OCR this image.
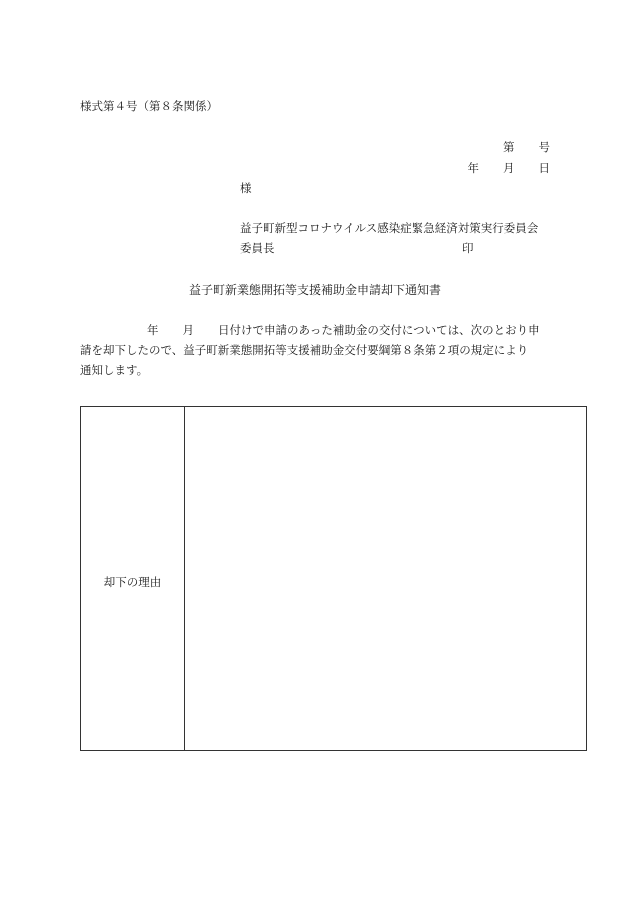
様式第４号（第８条関係）
第 号
年 月 日
様
益子町新型コロナウイルス感染症緊急経済対策実行委員会
委員長	印
益子町新業態開拓等支援補助金申請却下通知書
年 月 日付けで申請のあった補助金の交付については、次のとおり申
請を却下したので、益子町新業態開拓等支援補助金交付要綱第８条第２項の規定により
通知します。
却下の理由
